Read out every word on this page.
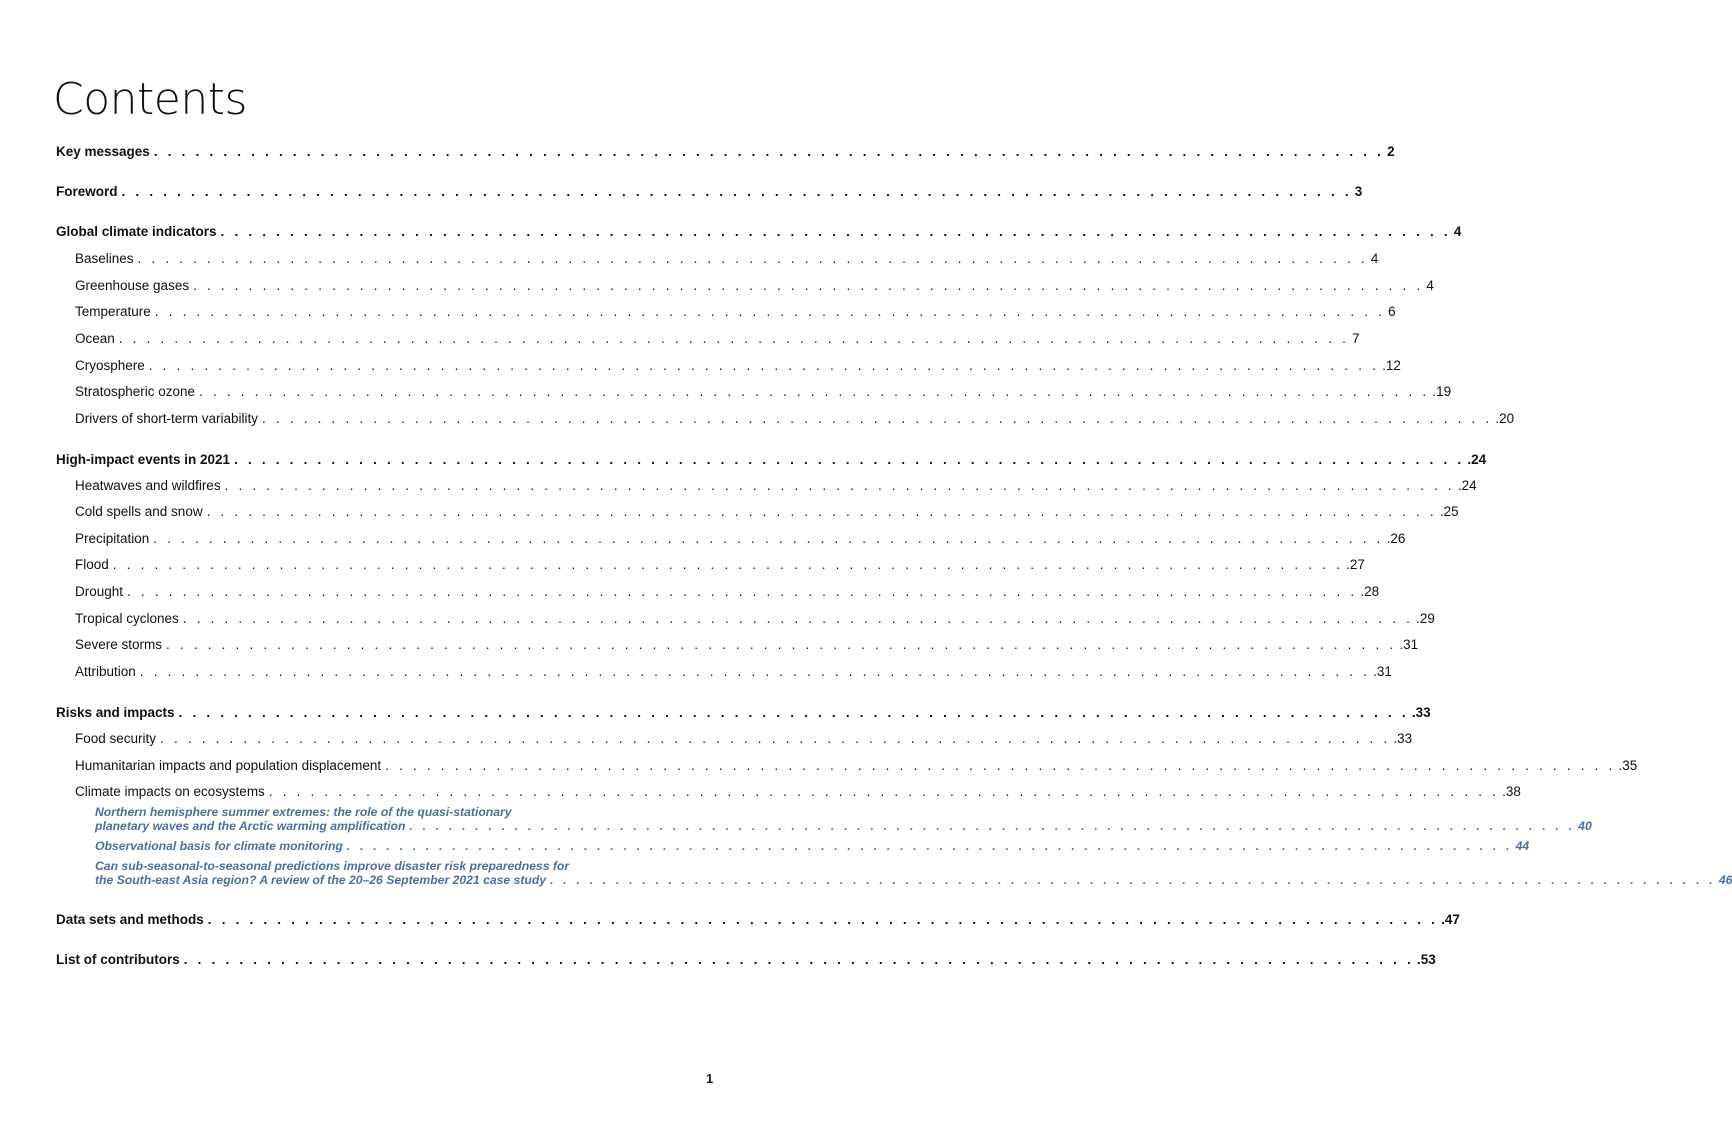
Contents
Key messages . . . . . . . . . . . . . . . . . . . . . . . . . . . . . . . . . . . . . . . . . . . . . . . . . . . . . . . . . . . . . . . . . . . . . . . . . . . . . . . . . . . . . . . . . 2
Foreword . . . . . . . . . . . . . . . . . . . . . . . . . . . . . . . . . . . . . . . . . . . . . . . . . . . . . . . . . . . . . . . . . . . . . . . . . . . . . . . . . . . . . . . . . 3
Global climate indicators . . . . . . . . . . . . . . . . . . . . . . . . . . . . . . . . . . . . . . . . . . . . . . . . . . . . . . . . . . . . . . . . . . . . . . . . . . . . . . . . . . . . . . . . . 4
Baselines . . . . . . . . . . . . . . . . . . . . . . . . . . . . . . . . . . . . . . . . . . . . . . . . . . . . . . . . . . . . . . . . . . . . . . . . . . . . . . . . . . . . . . . . . 4
Greenhouse gases . . . . . . . . . . . . . . . . . . . . . . . . . . . . . . . . . . . . . . . . . . . . . . . . . . . . . . . . . . . . . . . . . . . . . . . . . . . . . . . . . . . . . . . . . 4
Temperature . . . . . . . . . . . . . . . . . . . . . . . . . . . . . . . . . . . . . . . . . . . . . . . . . . . . . . . . . . . . . . . . . . . . . . . . . . . . . . . . . . . . . . . . . 6
Ocean . . . . . . . . . . . . . . . . . . . . . . . . . . . . . . . . . . . . . . . . . . . . . . . . . . . . . . . . . . . . . . . . . . . . . . . . . . . . . . . . . . . . . . . . . 7
Cryosphere . . . . . . . . . . . . . . . . . . . . . . . . . . . . . . . . . . . . . . . . . . . . . . . . . . . . . . . . . . . . . . . . . . . . . . . . . . . . . . . . . . . . . . . . . .12
Stratospheric ozone . . . . . . . . . . . . . . . . . . . . . . . . . . . . . . . . . . . . . . . . . . . . . . . . . . . . . . . . . . . . . . . . . . . . . . . . . . . . . . . . . . . . . . . . . .19
Drivers of short-term variability . . . . . . . . . . . . . . . . . . . . . . . . . . . . . . . . . . . . . . . . . . . . . . . . . . . . . . . . . . . . . . . . . . . . . . . . . . . . . . . . . . . . . . . . . .20
High-impact events in 2021 . . . . . . . . . . . . . . . . . . . . . . . . . . . . . . . . . . . . . . . . . . . . . . . . . . . . . . . . . . . . . . . . . . . . . . . . . . . . . . . . . . . . . . . . . .24
Heatwaves and wildfires . . . . . . . . . . . . . . . . . . . . . . . . . . . . . . . . . . . . . . . . . . . . . . . . . . . . . . . . . . . . . . . . . . . . . . . . . . . . . . . . . . . . . . . . . .24
Cold spells and snow . . . . . . . . . . . . . . . . . . . . . . . . . . . . . . . . . . . . . . . . . . . . . . . . . . . . . . . . . . . . . . . . . . . . . . . . . . . . . . . . . . . . . . . . . .25
Precipitation . . . . . . . . . . . . . . . . . . . . . . . . . . . . . . . . . . . . . . . . . . . . . . . . . . . . . . . . . . . . . . . . . . . . . . . . . . . . . . . . . . . . . . . . . .26
Flood . . . . . . . . . . . . . . . . . . . . . . . . . . . . . . . . . . . . . . . . . . . . . . . . . . . . . . . . . . . . . . . . . . . . . . . . . . . . . . . . . . . . . . . . . .27
Drought . . . . . . . . . . . . . . . . . . . . . . . . . . . . . . . . . . . . . . . . . . . . . . . . . . . . . . . . . . . . . . . . . . . . . . . . . . . . . . . . . . . . . . . . . .28
Tropical cyclones . . . . . . . . . . . . . . . . . . . . . . . . . . . . . . . . . . . . . . . . . . . . . . . . . . . . . . . . . . . . . . . . . . . . . . . . . . . . . . . . . . . . . . . . . .29
Severe storms . . . . . . . . . . . . . . . . . . . . . . . . . . . . . . . . . . . . . . . . . . . . . . . . . . . . . . . . . . . . . . . . . . . . . . . . . . . . . . . . . . . . . . . . . .31
Attribution . . . . . . . . . . . . . . . . . . . . . . . . . . . . . . . . . . . . . . . . . . . . . . . . . . . . . . . . . . . . . . . . . . . . . . . . . . . . . . . . . . . . . . . . . .31
Risks and impacts . . . . . . . . . . . . . . . . . . . . . . . . . . . . . . . . . . . . . . . . . . . . . . . . . . . . . . . . . . . . . . . . . . . . . . . . . . . . . . . . . . . . . . . . . .33
Food security . . . . . . . . . . . . . . . . . . . . . . . . . . . . . . . . . . . . . . . . . . . . . . . . . . . . . . . . . . . . . . . . . . . . . . . . . . . . . . . . . . . . . . . . . .33
Humanitarian impacts and population displacement . . . . . . . . . . . . . . . . . . . . . . . . . . . . . . . . . . . . . . . . . . . . . . . . . . . . . . . . . . . . . . . . . . . . . . . . . . . . . . . . . . . . . . . . . .35
Climate impacts on ecosystems . . . . . . . . . . . . . . . . . . . . . . . . . . . . . . . . . . . . . . . . . . . . . . . . . . . . . . . . . . . . . . . . . . . . . . . . . . . . . . . . . . . . . . . . . .38
Northern hemisphere summer extremes: the role of the quasi-stationary
planetary waves and the Arctic warming amplification . . . . . . . . . . . . . . . . . . . . . . . . . . . . . . . . . . . . . . . . . . . . . . . . . . . . . . . . . . . . . . . . . . . . . . . . . . . . . . . . . . . . . . . . . 40
Observational basis for climate monitoring . . . . . . . . . . . . . . . . . . . . . . . . . . . . . . . . . . . . . . . . . . . . . . . . . . . . . . . . . . . . . . . . . . . . . . . . . . . . . . . . . . . . . . . . . 44
Can sub-seasonal-to-seasonal predictions improve disaster risk preparedness for
the South-east Asia region? A review of the 20–26 September 2021 case study . . . . . . . . . . . . . . . . . . . . . . . . . . . . . . . . . . . . . . . . . . . . . . . . . . . . . . . . . . . . . . . . . . . . . . . . . . . . . . . . . . . . . . . . . 46
Data sets and methods . . . . . . . . . . . . . . . . . . . . . . . . . . . . . . . . . . . . . . . . . . . . . . . . . . . . . . . . . . . . . . . . . . . . . . . . . . . . . . . . . . . . . . . . . .47
List of contributors . . . . . . . . . . . . . . . . . . . . . . . . . . . . . . . . . . . . . . . . . . . . . . . . . . . . . . . . . . . . . . . . . . . . . . . . . . . . . . . . . . . . . . . . . .53
1
